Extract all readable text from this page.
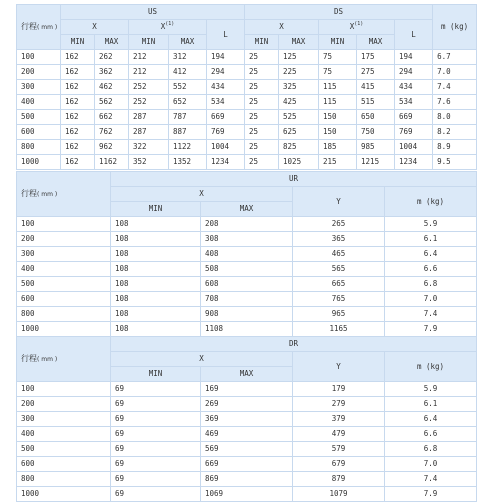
行程( mm )	US					DS					m (kg)
	X		$X^{(1)}$		L	X		$X^{(1)}$		L	
	MIN	MAX	MIN	MAX		MIN	MAX	MIN	MAX		
100	162	262	212	312	194	25	125	75	175	194	6.7
200	162	362	212	412	294	25	225	75	275	294	7.0
300	162	462	252	552	434	25	325	115	415	434	7.4
400	162	562	252	652	534	25	425	115	515	534	7.6
500	162	662	287	787	669	25	525	150	650	669	8.0
600	162	762	287	887	769	25	625	150	750	769	8.2
800	162	962	322	1122	1004	25	825	185	985	1004	8.9
1000	162	1162	352	1352	1234	25	1025	215	1215	1234	9.5
行程( mm )	UR			
	X		Y	m (kg)
	MIN	MAX		
100	108	208	265	5.9
200	108	308	365	6.1
300	108	408	465	6.4
400	108	508	565	6.6
500	108	608	665	6.8
600	108	708	765	7.0
800	108	908	965	7.4
1000	108	1108	1165	7.9
行程( mm )	DR			
	X		Y	m (kg)
	MIN	MAX		
100	69	169	179	5.9
200	69	269	279	6.1
300	69	369	379	6.4
400	69	469	479	6.6
500	69	569	579	6.8
600	69	669	679	7.0
800	69	869	879	7.4
1000	69	1069	1079	7.9
